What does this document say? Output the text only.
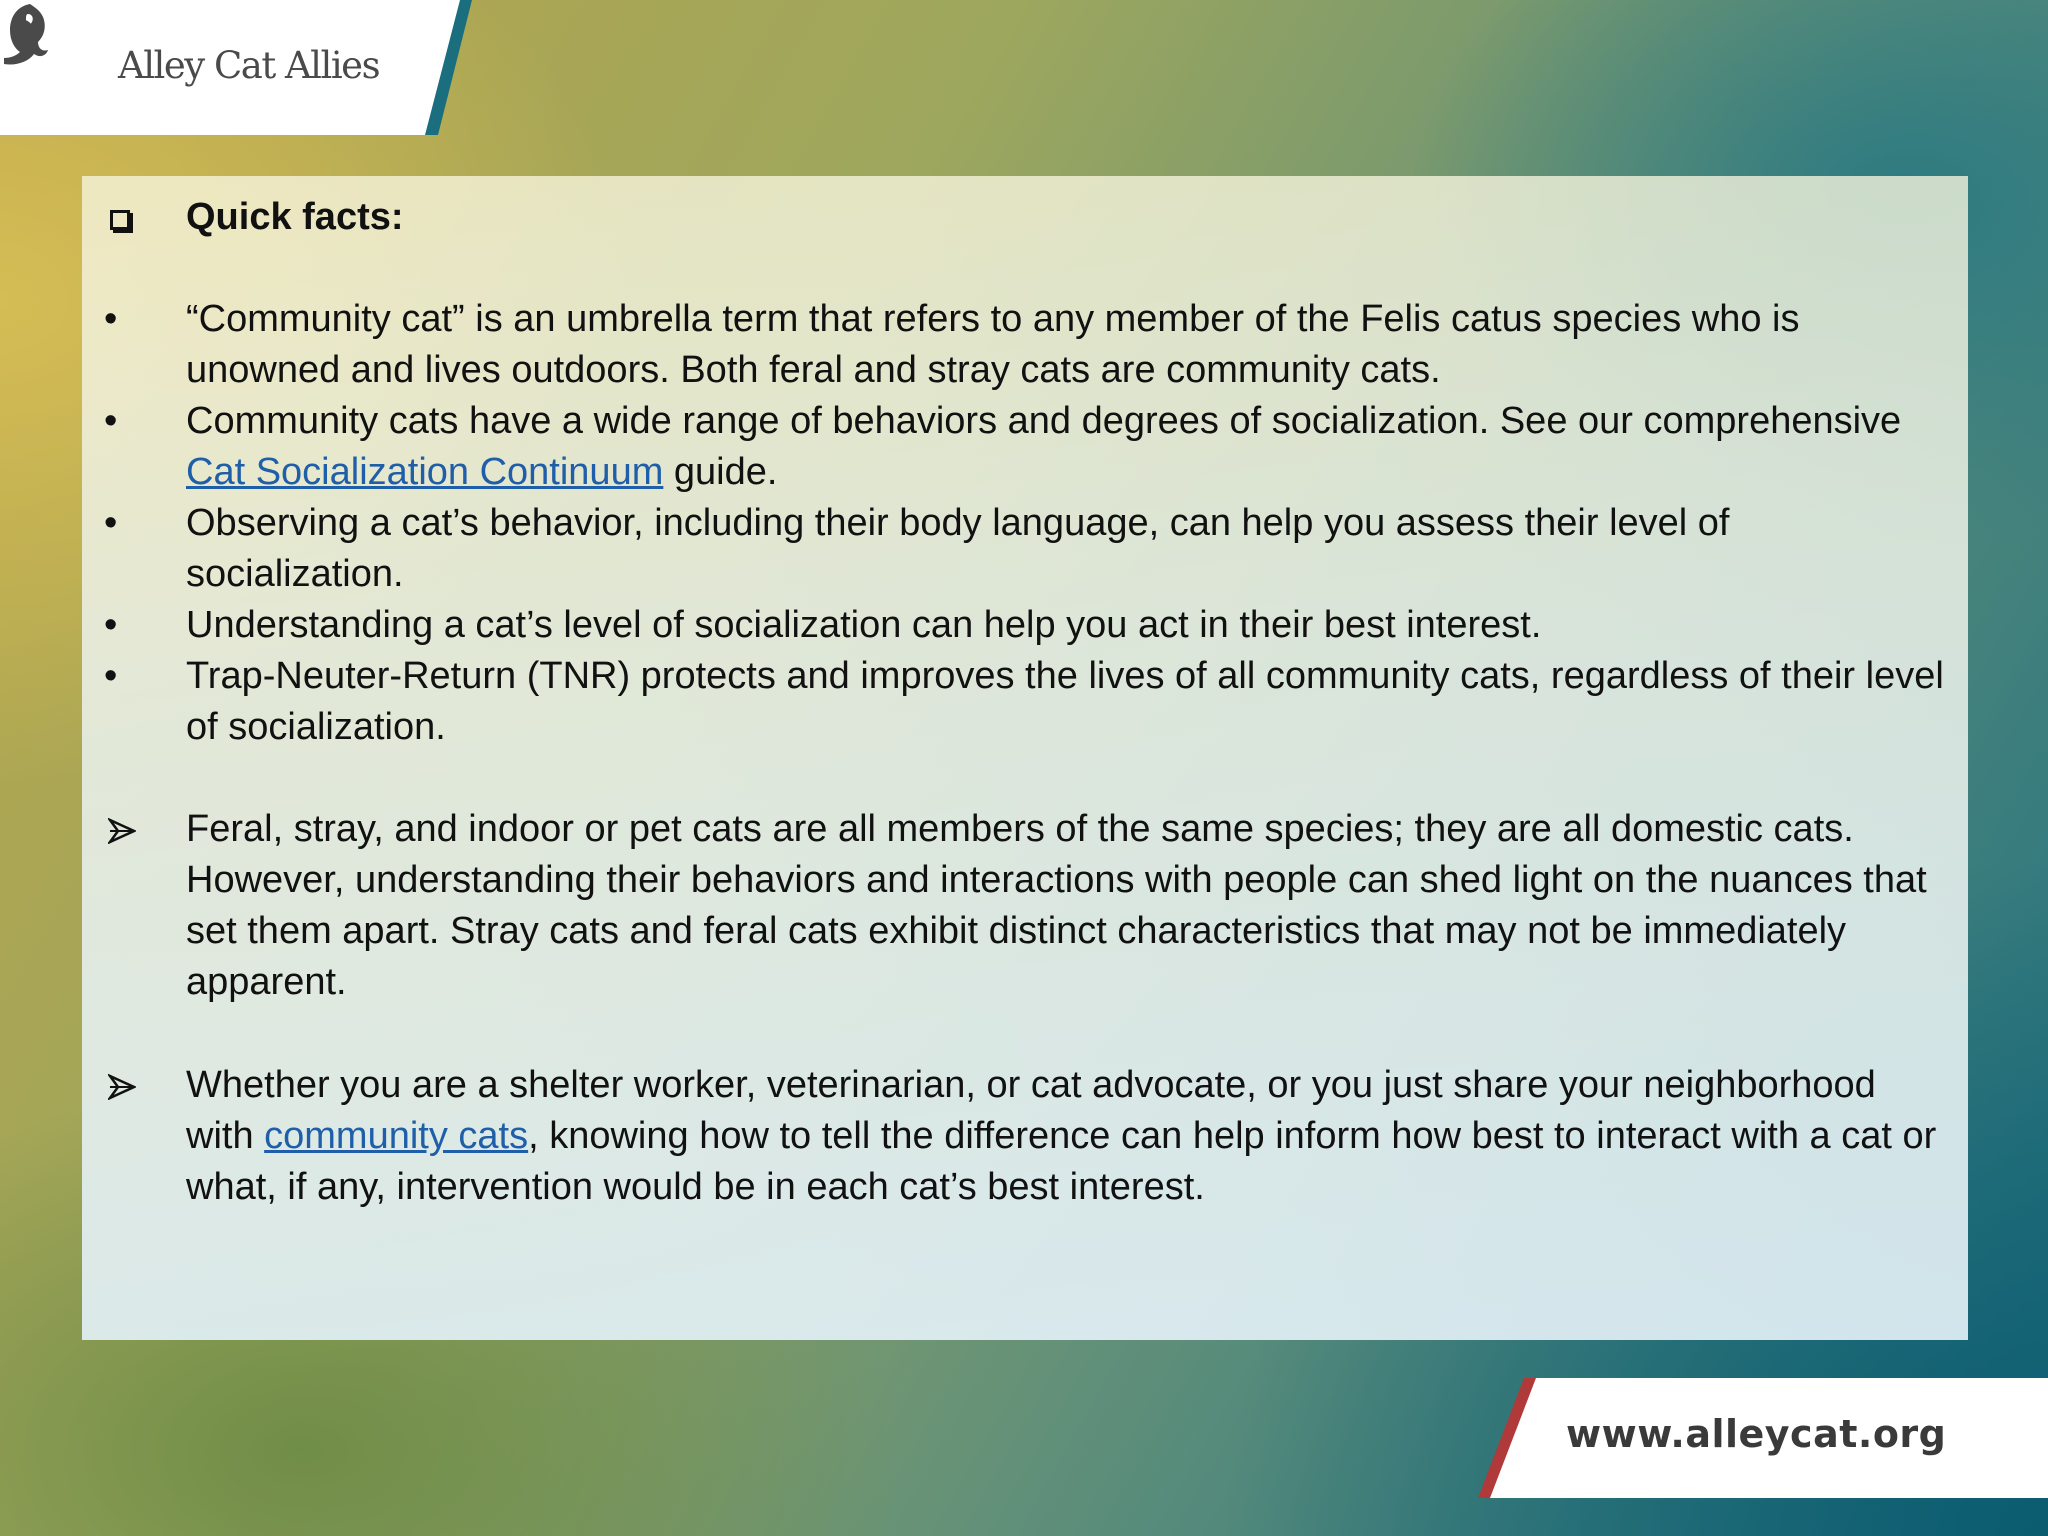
Alley Cat Allies
Quick facts:
•	“Community cat” is an umbrella term that refers to any member of the Felis catus species who is unowned and lives outdoors. Both feral and stray cats are community cats.
•	Community cats have a wide range of behaviors and degrees of socialization. See our comprehensive Cat Socialization Continuum guide.
•	Observing a cat’s behavior, including their body language, can help you assess their level of socialization.
•	Understanding a cat’s level of socialization can help you act in their best interest.
•	Trap-Neuter-Return (TNR) protects and improves the lives of all community cats, regardless of their level of socialization.
Feral, stray, and indoor or pet cats are all members of the same species; they are all domestic cats. However, understanding their behaviors and interactions with people can shed light on the nuances that set them apart. Stray cats and feral cats exhibit distinct characteristics that may not be immediately apparent.
Whether you are a shelter worker, veterinarian, or cat advocate, or you just share your neighborhood with community cats, knowing how to tell the difference can help inform how best to interact with a cat or what, if any, intervention would be in each cat’s best interest.
www.alleycat.org
